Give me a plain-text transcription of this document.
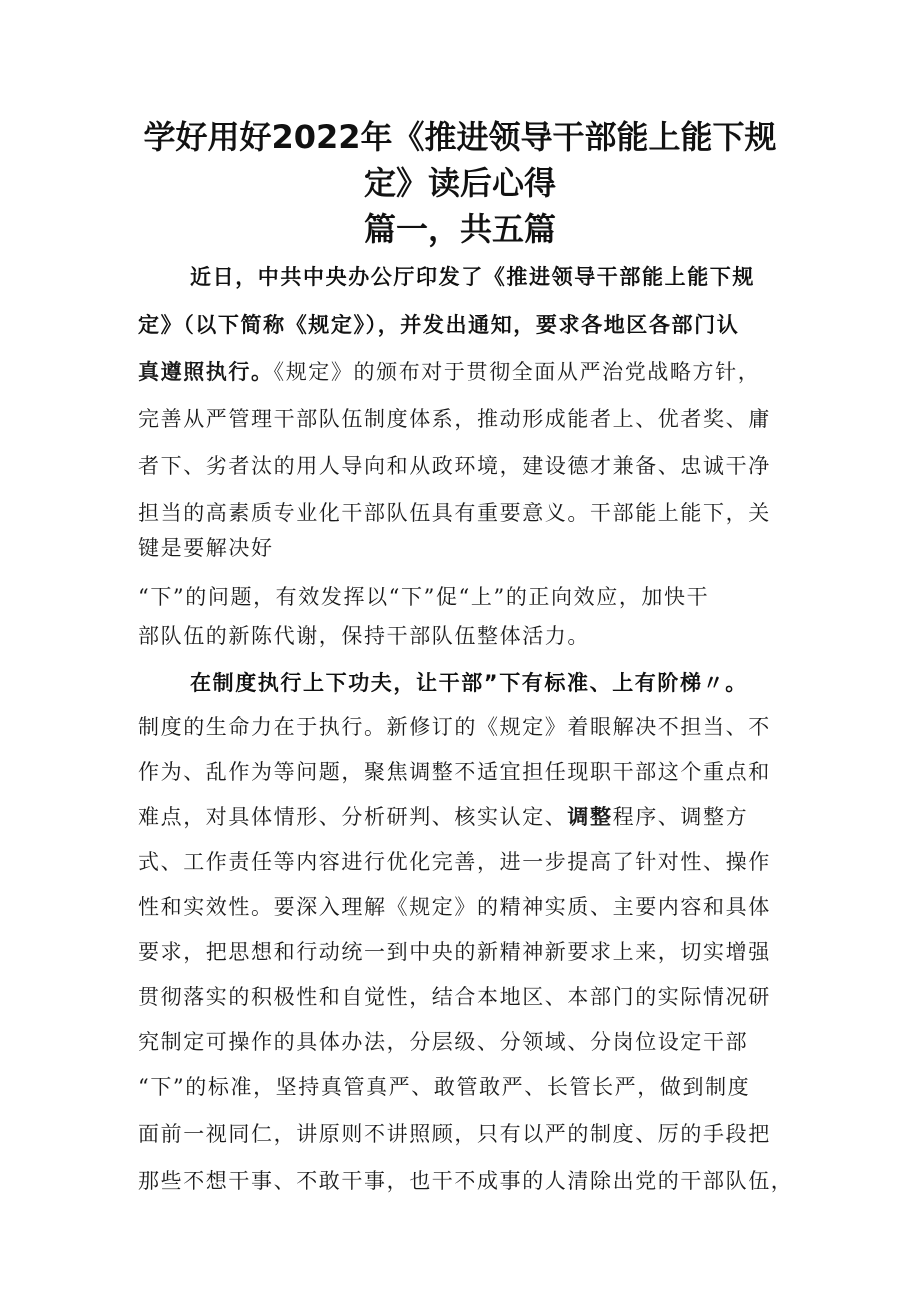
学好用好2022年《推进领导干部能上能下规
定》读后心得
篇一，共五篇
近日，中共中央办公厅印发了《推进领导干部能上能下规
定》（以下简称《规定》），并发出通知，要求各地区各部门认
真遵照执行。《规定》的颁布对于贯彻全面从严治党战略方针，
完善从严管理干部队伍制度体系，推动形成能者上、优者奖、庸
者下、劣者汰的用人导向和从政环境，建设德才兼备、忠诚干净
担当的高素质专业化干部队伍具有重要意义。干部能上能下，关
键是要解决好
“下”的问题，有效发挥以“下”促“上”的正向效应，加快干
部队伍的新陈代谢，保持干部队伍整体活力。
在制度执行上下功夫，让干部”下有标准、上有阶梯〃。
制度的生命力在于执行。新修订的《规定》着眼解决不担当、不
作为、乱作为等问题，聚焦调整不适宜担任现职干部这个重点和
难点，对具体情形、分析研判、核实认定、调整程序、调整方
式、工作责任等内容进行优化完善，进一步提高了针对性、操作
性和实效性。要深入理解《规定》的精神实质、主要内容和具体
要求，把思想和行动统一到中央的新精神新要求上来，切实增强
贯彻落实的积极性和自觉性，结合本地区、本部门的实际情况研
究制定可操作的具体办法，分层级、分领域、分岗位设定干部
“下”的标准，坚持真管真严、敢管敢严、长管长严，做到制度
面前一视同仁，讲原则不讲照顾，只有以严的制度、厉的手段把
那些不想干事、不敢干事，也干不成事的人清除出党的干部队伍，
